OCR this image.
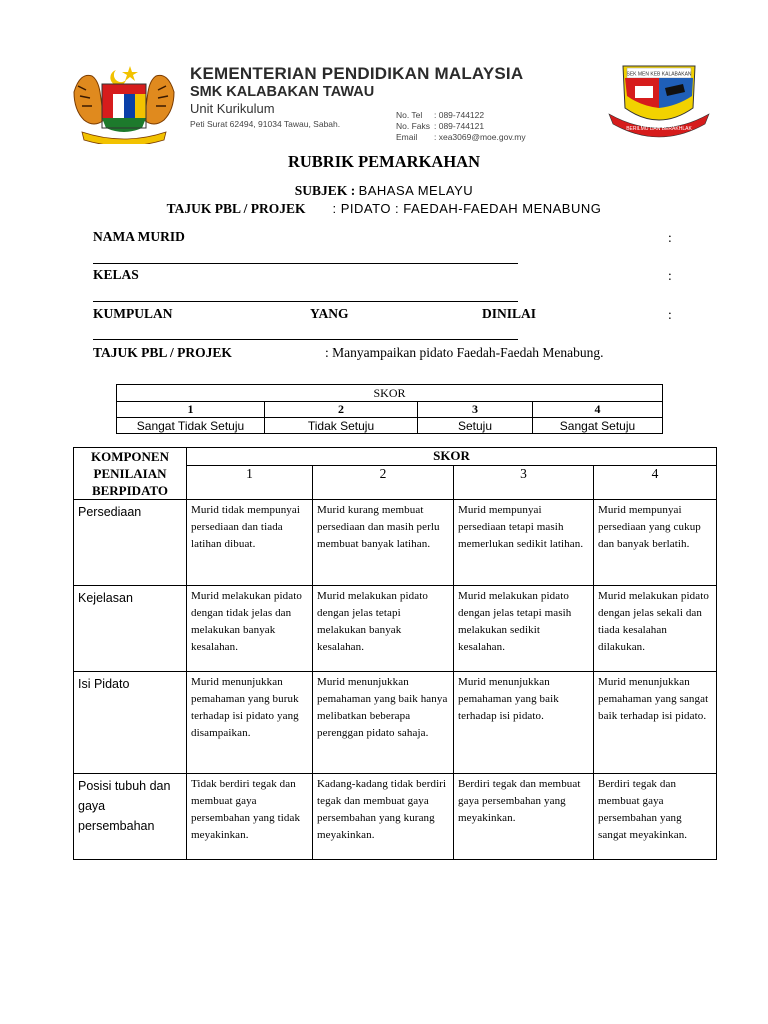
KEMENTERIAN PENDIDIKAN MALAYSIA
SMK KALABAKAN TAWAU
Unit Kurikulum
Peti Surat 62494, 91034 Tawau, Sabah.
No. Tel	: 089-744122
No. Faks : 089-744121
Email	: xea3069@moe.gov.my
SEK MEN KEB KALABAKAN
BERILMU DAN BERAKHLAK
RUBRIK PEMARKAHAN
SUBJEK : BAHASA MELAYU
TAJUK PBL / PROJEK : PIDATO : FAEDAH-FAEDAH MENABUNG
NAMA MURID	:
KELAS	:
KUMPULAN	YANG	DINILAI	:
TAJUK PBL / PROJEK	: Manyampaikan pidato Faedah-Faedah Menabung.
SKOR			
1	2	3	4
Sangat Tidak Setuju	Tidak Setuju	Setuju	Sangat Setuju
KOMPONEN
PENILAIAN
BERPIDATO	SKOR			
	1	2	3	4
Persediaan	Murid tidak mempunyai persediaan dan tiada latihan dibuat.	Murid kurang membuat persediaan dan masih perlu membuat banyak latihan.	Murid mempunyai persediaan tetapi masih memerlukan sedikit latihan.	Murid mempunyai persediaan yang cukup dan banyak berlatih.
Kejelasan	Murid melakukan pidato dengan tidak jelas dan melakukan banyak kesalahan.	Murid melakukan pidato dengan jelas tetapi melakukan banyak kesalahan.	Murid melakukan pidato dengan jelas tetapi masih melakukan sedikit kesalahan.	Murid melakukan pidato dengan jelas sekali dan tiada kesalahan dilakukan.
Isi Pidato	Murid menunjukkan pemahaman yang buruk terhadap isi pidato yang disampaikan.	Murid menunjukkan pemahaman yang baik hanya melibatkan beberapa perenggan pidato sahaja.	Murid menunjukkan pemahaman yang baik terhadap isi pidato.	Murid menunjukkan pemahaman yang sangat baik terhadap isi pidato.
Posisi tubuh dan gaya persembahan	Tidak berdiri tegak dan membuat gaya persembahan yang tidak meyakinkan.	Kadang-kadang tidak berdiri tegak dan membuat gaya persembahan yang kurang meyakinkan.	Berdiri tegak dan membuat gaya persembahan yang meyakinkan.	Berdiri tegak dan membuat gaya persembahan yang sangat meyakinkan.
